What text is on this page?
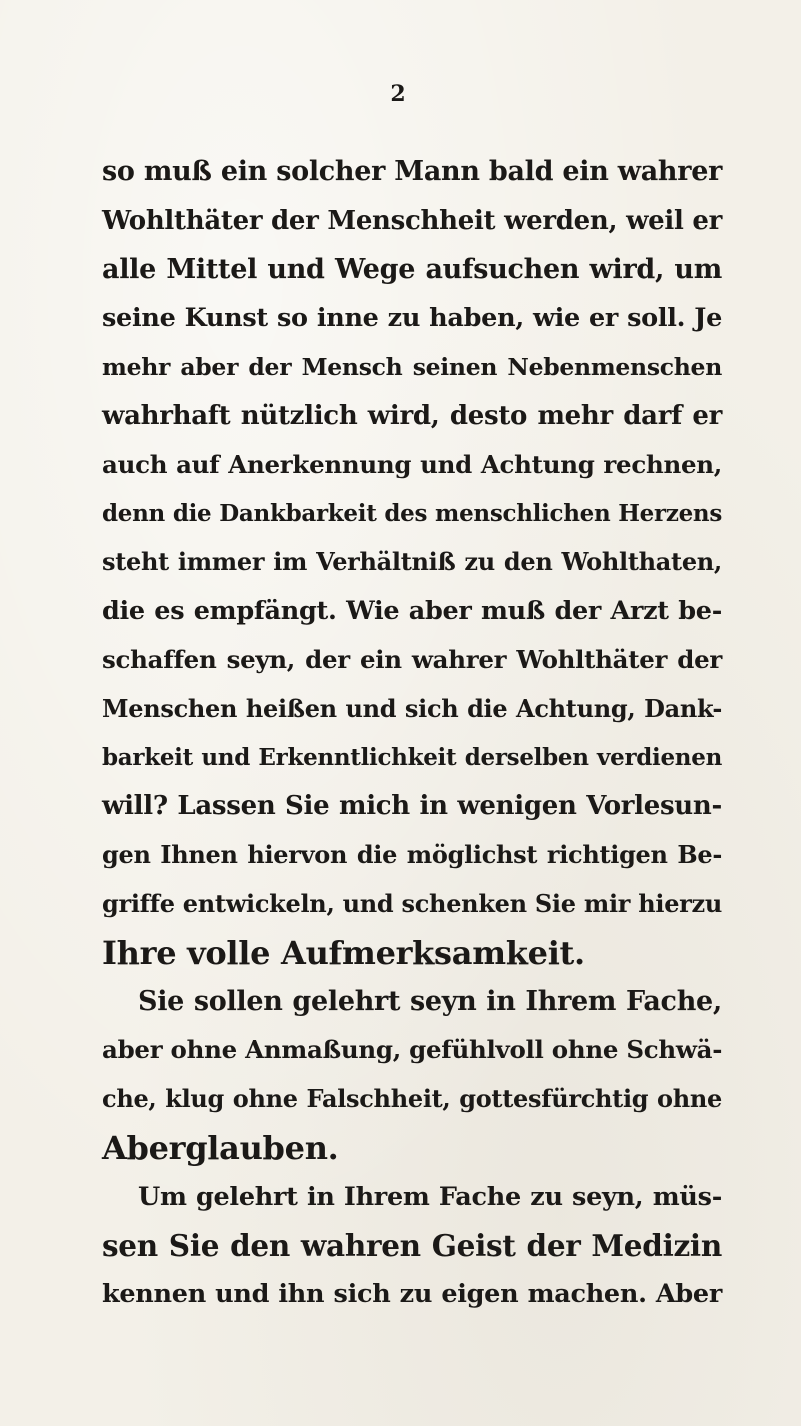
2
so muß ein solcher Mann bald ein wahrer
Wohlthäter der Menschheit werden, weil er
alle Mittel und Wege aufsuchen wird, um
seine Kunst so inne zu haben, wie er soll. Je
mehr aber der Mensch seinen Nebenmenschen
wahrhaft nützlich wird, desto mehr darf er
auch auf Anerkennung und Achtung rechnen,
denn die Dankbarkeit des menschlichen Herzens
steht immer im Verhältniß zu den Wohlthaten,
die es empfängt. Wie aber muß der Arzt be-
schaffen seyn, der ein wahrer Wohlthäter der
Menschen heißen und sich die Achtung, Dank-
barkeit und Erkenntlichkeit derselben verdienen
will? Lassen Sie mich in wenigen Vorlesun-
gen Ihnen hiervon die möglichst richtigen Be-
griffe entwickeln, und schenken Sie mir hierzu
Ihre volle Aufmerksamkeit.
Sie sollen gelehrt seyn in Ihrem Fache,
aber ohne Anmaßung, gefühlvoll ohne Schwä-
che, klug ohne Falschheit, gottesfürchtig ohne
Aberglauben.
Um gelehrt in Ihrem Fache zu seyn, müs-
sen Sie den wahren Geist der Medizin
kennen und ihn sich zu eigen machen. Aber
